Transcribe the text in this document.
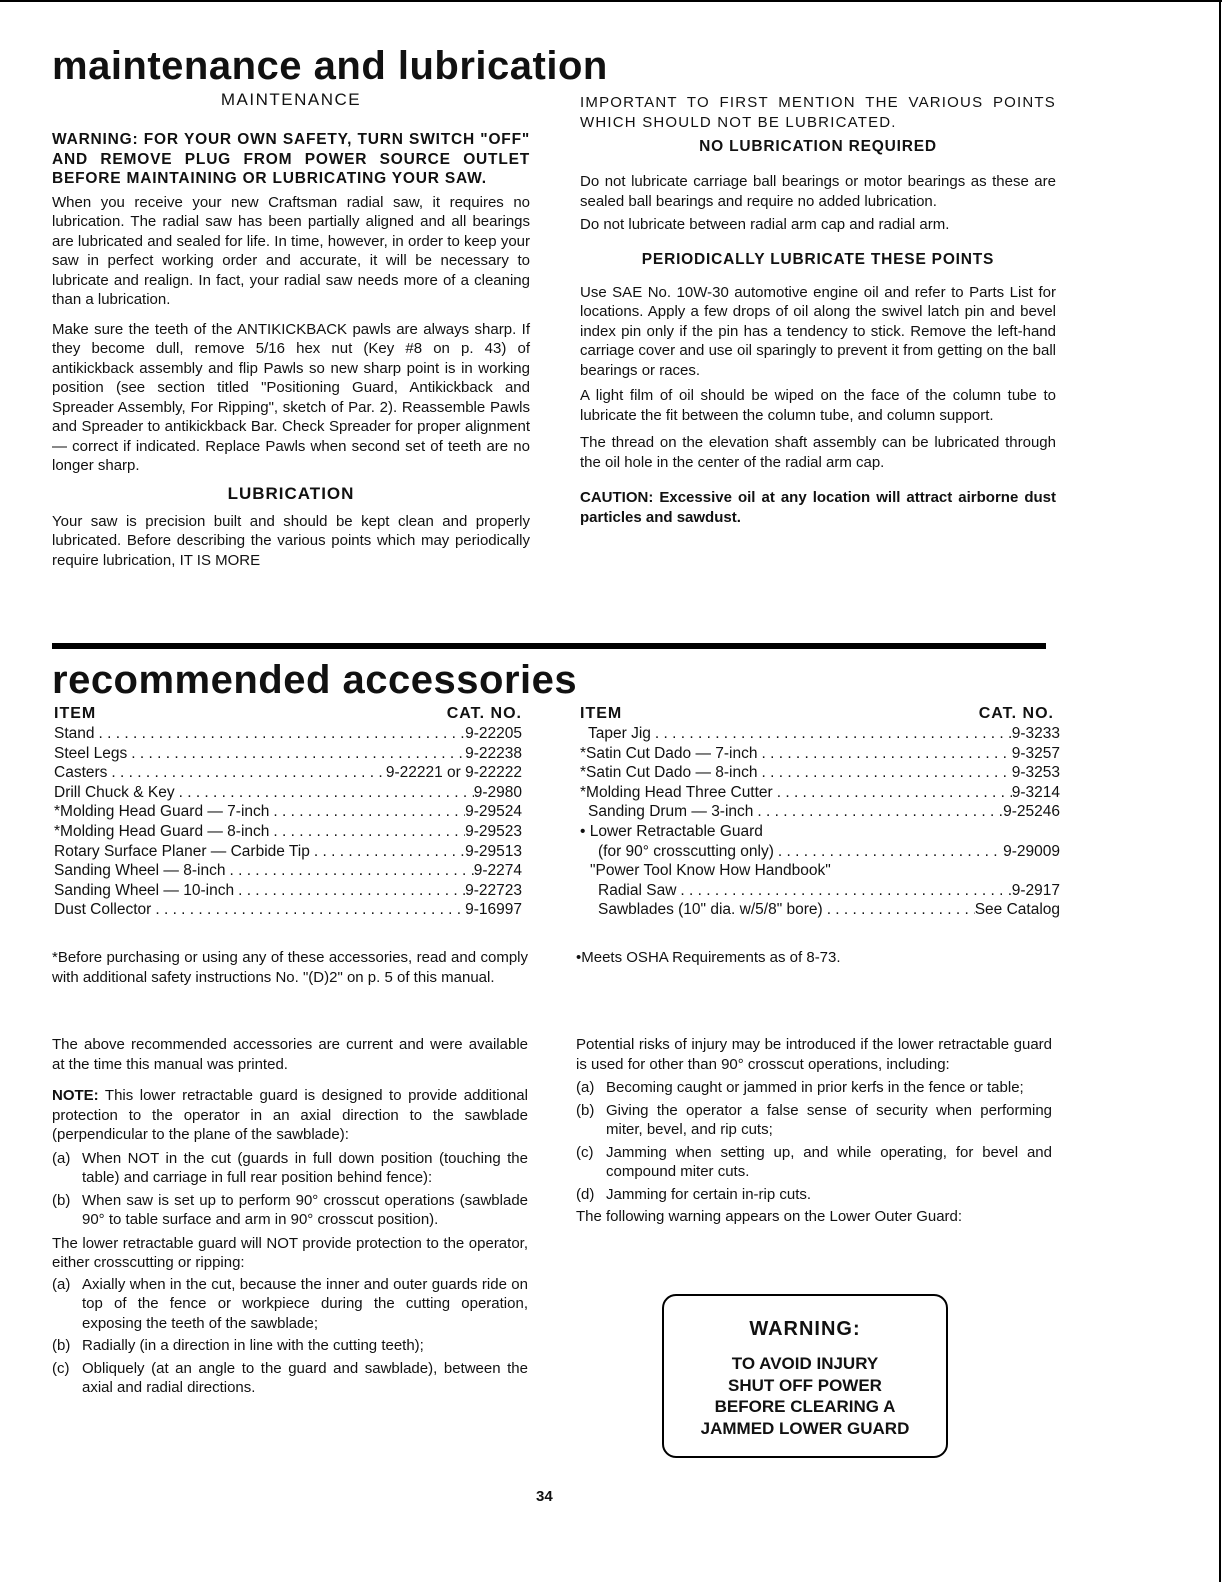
maintenance and lubrication
MAINTENANCE
WARNING: FOR YOUR OWN SAFETY, TURN SWITCH "OFF" AND REMOVE PLUG FROM POWER SOURCE OUTLET BEFORE MAINTAINING OR LUBRICATING YOUR SAW.
When you receive your new Craftsman radial saw, it requires no lubrication. The radial saw has been partially aligned and all bearings are lubricated and sealed for life. In time, however, in order to keep your saw in perfect working order and accurate, it will be necessary to lubricate and realign. In fact, your radial saw needs more of a cleaning than a lubrication.
Make sure the teeth of the ANTIKICKBACK pawls are always sharp. If they become dull, remove 5/16 hex nut (Key #8 on p. 43) of antikickback assembly and flip Pawls so new sharp point is in working position (see section titled "Positioning Guard, Antikickback and Spreader Assembly, For Ripping", sketch of Par. 2). Reassemble Pawls and Spreader to antikickback Bar. Check Spreader for proper alignment — correct if indicated. Replace Pawls when second set of teeth are no longer sharp.
LUBRICATION
Your saw is precision built and should be kept clean and properly lubricated. Before describing the various points which may periodically require lubrication, IT IS MORE
IMPORTANT TO FIRST MENTION THE VARIOUS POINTS WHICH SHOULD NOT BE LUBRICATED.
NO LUBRICATION REQUIRED
Do not lubricate carriage ball bearings or motor bearings as these are sealed ball bearings and require no added lubrication.
Do not lubricate between radial arm cap and radial arm.
PERIODICALLY LUBRICATE THESE POINTS
Use SAE No. 10W-30 automotive engine oil and refer to Parts List for locations. Apply a few drops of oil along the swivel latch pin and bevel index pin only if the pin has a tendency to stick. Remove the left-hand carriage cover and use oil sparingly to prevent it from getting on the ball bearings or races.
A light film of oil should be wiped on the face of the column tube to lubricate the fit between the column tube, and column support.
The thread on the elevation shaft assembly can be lubricated through the oil hole in the center of the radial arm cap.
CAUTION: Excessive oil at any location will attract airborne dust particles and sawdust.
recommended accessories
ITEM	CAT. NO.
Stand . . .	9-22205
Steel Legs . . .	9-22238
Casters . . .	9-22221 or 9-22222
Drill Chuck & Key . . .	9-2980
*Molding Head Guard — 7-inch . . .	9-29524
*Molding Head Guard — 8-inch . . .	9-29523
Rotary Surface Planer — Carbide Tip . . .	9-29513
Sanding Wheel — 8-inch . . .	9-2274
Sanding Wheel — 10-inch . . .	9-22723
Dust Collector . . .	9-16997
ITEM	CAT. NO.
Taper Jig . . .	9-3233
*Satin Cut Dado — 7-inch . . .	9-3257
*Satin Cut Dado — 8-inch . . .	9-3253
*Molding Head Three Cutter . . .	9-3214
Sanding Drum — 3-inch . . .	9-25246
• Lower Retractable Guard
(for 90° crosscutting only) . . .	9-29009
"Power Tool Know How Handbook"
Radial Saw . . .	9-2917
Sawblades (10" dia. w/5/8" bore) . . .	See Catalog
*Before purchasing or using any of these accessories, read and comply with additional safety instructions No. "(D)2" on p. 5 of this manual.
•Meets OSHA Requirements as of 8-73.
The above recommended accessories are current and were available at the time this manual was printed.
NOTE: This lower retractable guard is designed to provide additional protection to the operator in an axial direction to the sawblade (perpendicular to the plane of the sawblade):
(a) When NOT in the cut (guards in full down position (touching the table) and carriage in full rear position behind fence):
(b) When saw is set up to perform 90° crosscut operations (sawblade 90° to table surface and arm in 90° crosscut position).
The lower retractable guard will NOT provide protection to the operator, either crosscutting or ripping:
(a) Axially when in the cut, because the inner and outer guards ride on top of the fence or workpiece during the cutting operation, exposing the teeth of the sawblade;
(b) Radially (in a direction in line with the cutting teeth);
(c) Obliquely (at an angle to the guard and sawblade), between the axial and radial directions.
Potential risks of injury may be introduced if the lower retractable guard is used for other than 90° crosscut operations, including:
(a) Becoming caught or jammed in prior kerfs in the fence or table;
(b) Giving the operator a false sense of security when performing miter, bevel, and rip cuts;
(c) Jamming when setting up, and while operating, for bevel and compound miter cuts.
(d) Jamming for certain in-rip cuts.
The following warning appears on the Lower Outer Guard:
WARNING:
TO AVOID INJURY
SHUT OFF POWER
BEFORE CLEARING A
JAMMED LOWER GUARD
34
